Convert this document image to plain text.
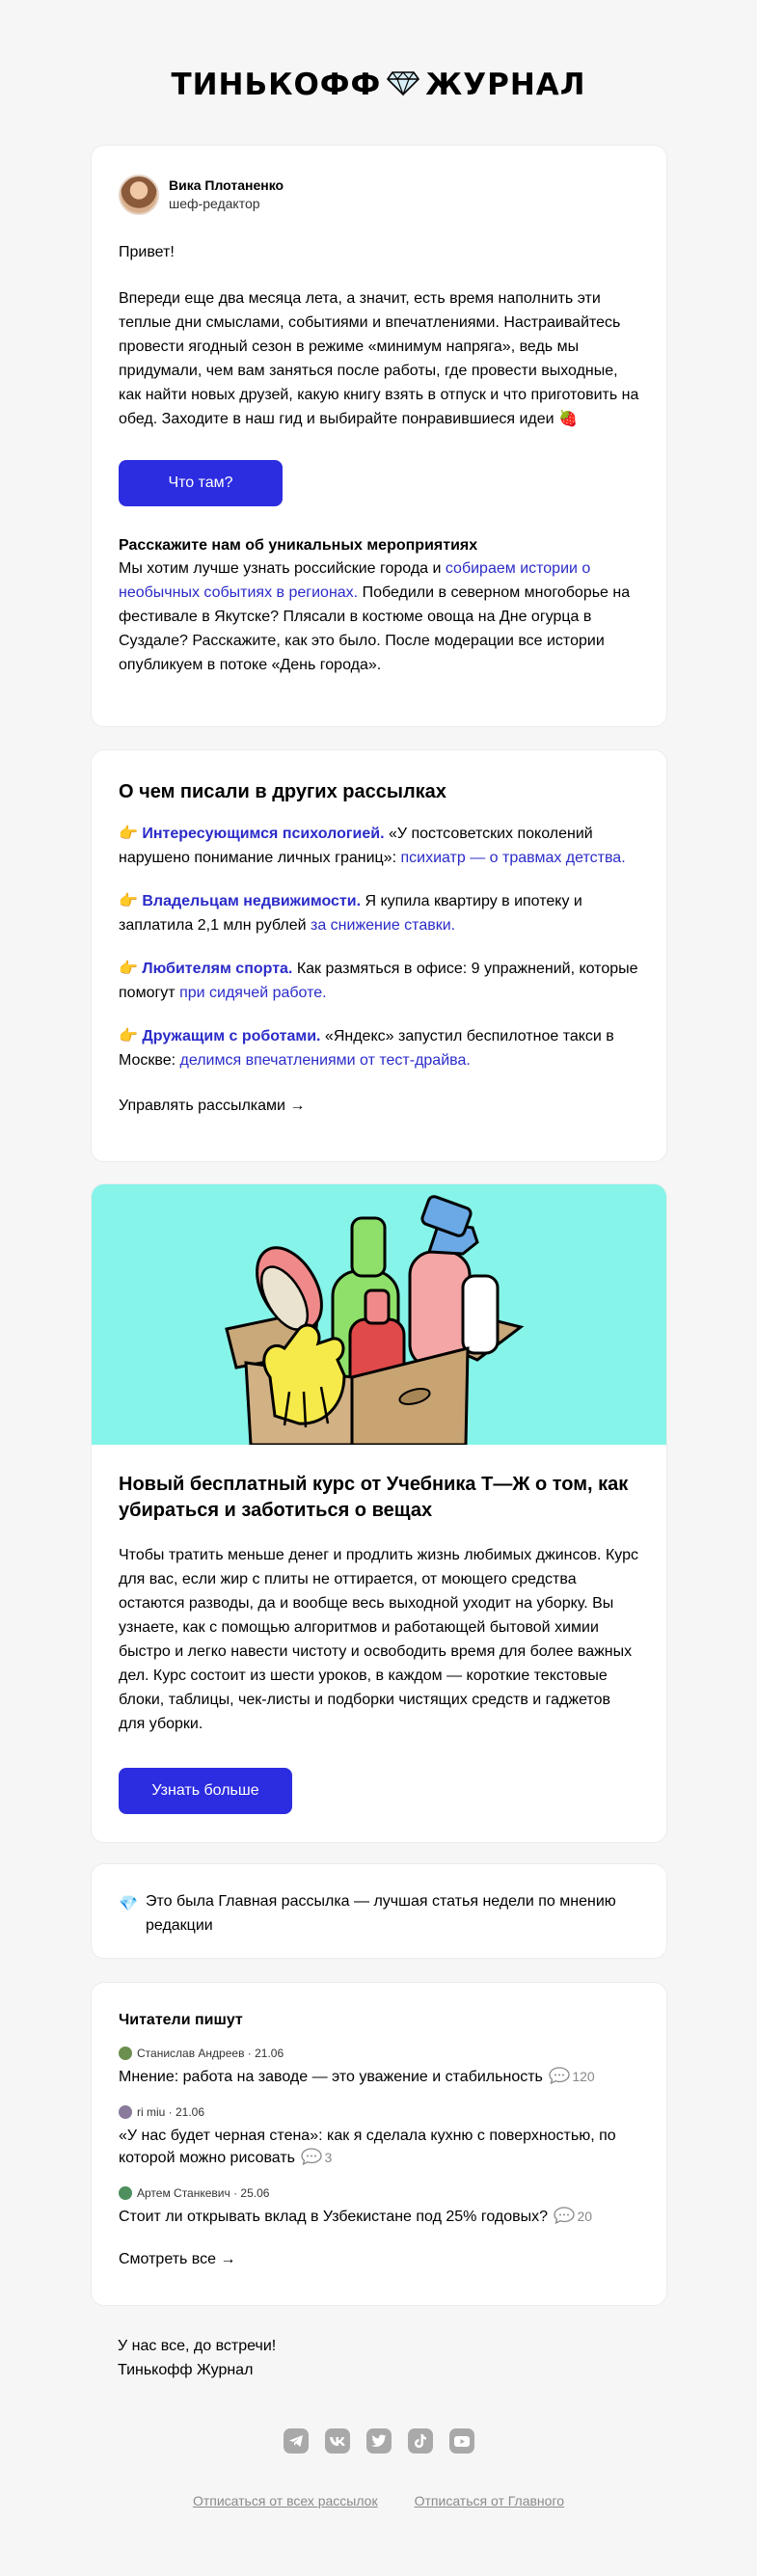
ТИНЬКОФФ ЖУРНАЛ
Вика Плотаненко
шеф-редактор
Привет!
Впереди еще два месяца лета, а значит, есть время наполнить эти теплые дни смыслами, событиями и впечатлениями. Настраивайтесь провести ягодный сезон в режиме «минимум напряга», ведь мы придумали, чем вам заняться после работы, где провести выходные, как найти новых друзей, какую книгу взять в отпуск и что приготовить на обед. Заходите в наш гид и выбирайте понравившиеся идеи 🍓
Что там?
Расскажите нам об уникальных мероприятиях
Мы хотим лучше узнать российские города и собираем истории о необычных событиях в регионах. Победили в северном многоборье на фестивале в Якутске? Плясали в костюме овоща на Дне огурца в Суздале? Расскажите, как это было. После модерации все истории опубликуем в потоке «День города».
О чем писали в других рассылках
👉 Интересующимся психологией. «У постсоветских поколений нарушено понимание личных границ»: психиатр — о травмах детства.
👉 Владельцам недвижимости. Я купила квартиру в ипотеку и заплатила 2,1 млн рублей за снижение ставки.
👉 Любителям спорта. Как размяться в офисе: 9 упражнений, которые помогут при сидячей работе.
👉 Дружащим с роботами. «Яндекс» запустил беспилотное такси в Москве: делимся впечатлениями от тест-драйва.
Управлять рассылками →
Новый бесплатный курс от Учебника Т—Ж о том, как убираться и заботиться о вещах
Чтобы тратить меньше денег и продлить жизнь любимых джинсов. Курс для вас, если жир с плиты не оттирается, от моющего средства остаются разводы, да и вообще весь выходной уходит на уборку. Вы узнаете, как с помощью алгоритмов и работающей бытовой химии быстро и легко навести чистоту и освободить время для более важных дел. Курс состоит из шести уроков, в каждом — короткие текстовые блоки, таблицы, чек-листы и подборки чистящих средств и гаджетов для уборки.
Узнать больше
💎 Это была Главная рассылка — лучшая статья недели по мнению редакции
Читатели пишут
Станислав Андреев · 21.06
Мнение: работа на заводе — это уважение и стабильность 120
ri miu · 21.06
«У нас будет черная стена»: как я сделала кухню с поверхностью, по которой можно рисовать 3
Артем Станкевич · 25.06
Стоит ли открывать вклад в Узбекистане под 25% годовых? 20
Смотреть все →
У нас все, до встречи!
Тинькофф Журнал
Отписаться от всех рассылок	Отписаться от Главного
